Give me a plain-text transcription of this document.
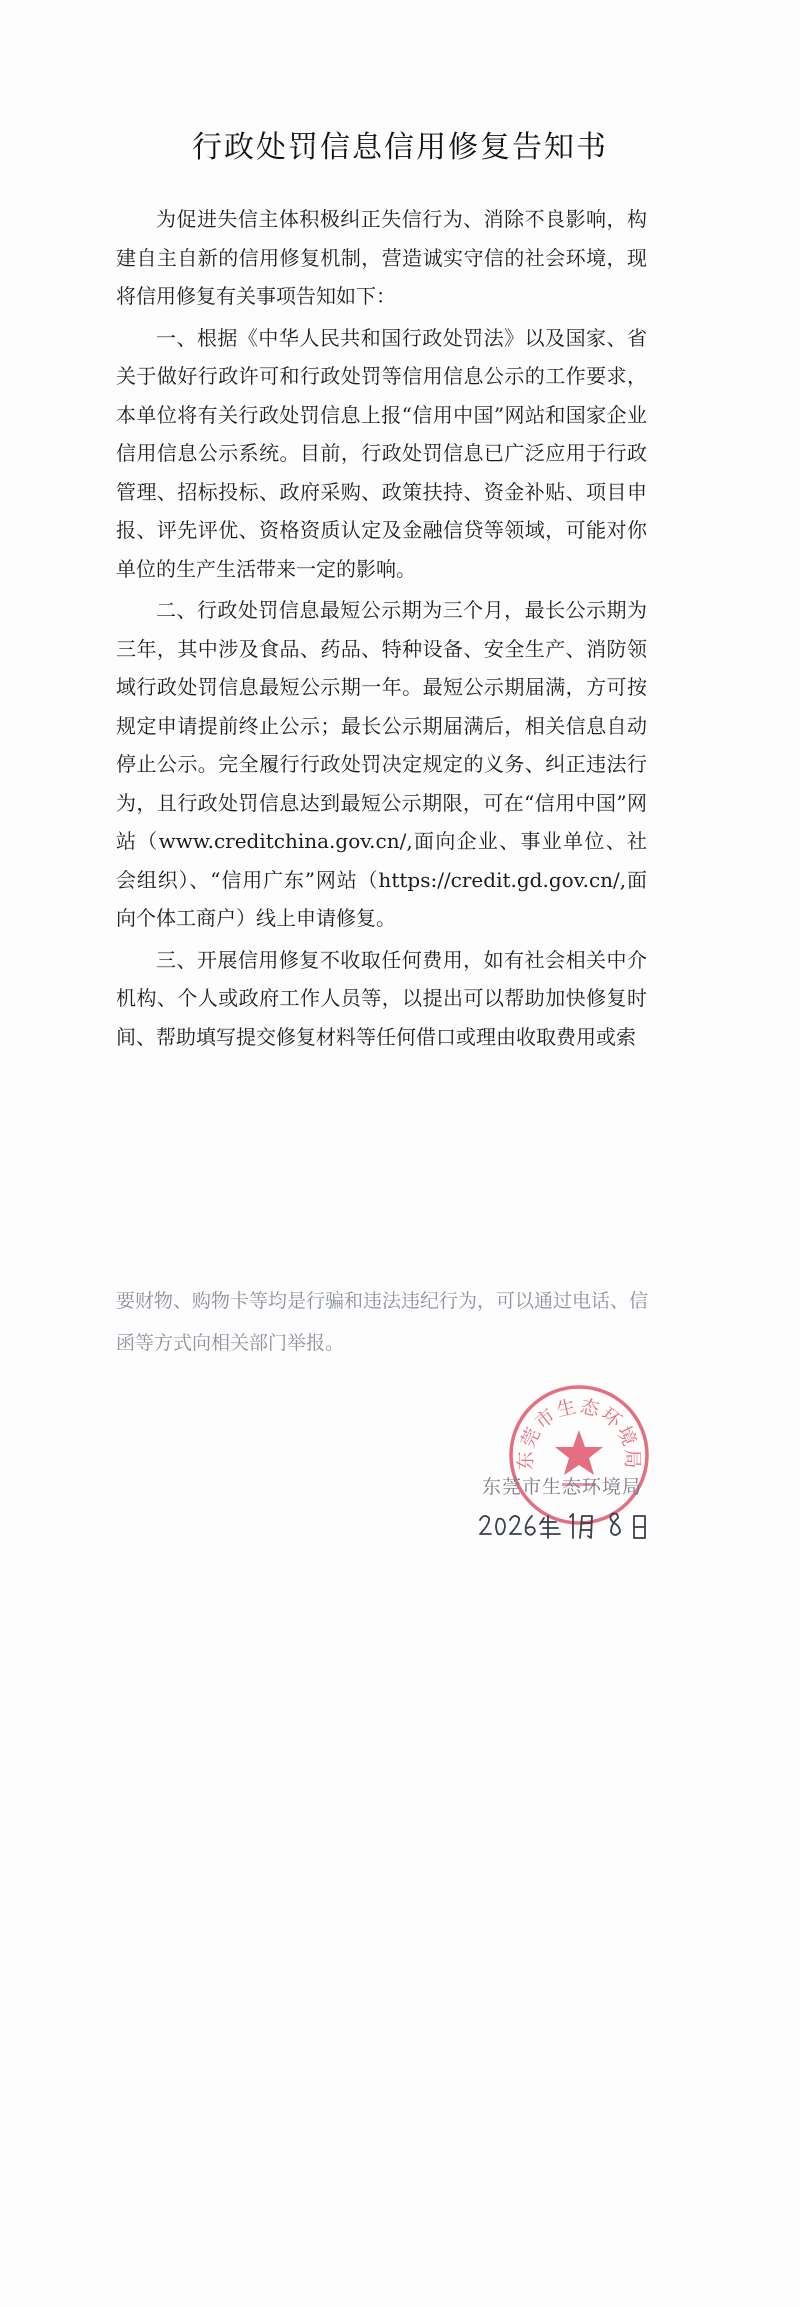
行政处罚信息信用修复告知书

为促进失信主体积极纠正失信行为、消除不良影响，构建自主自新的信用修复机制，营造诚实守信的社会环境，现将信用修复有关事项告知如下：

一、根据《中华人民共和国行政处罚法》以及国家、省关于做好行政许可和行政处罚等信用信息公示的工作要求，本单位将有关行政处罚信息上报“信用中国”网站和国家企业信用信息公示系统。目前，行政处罚信息已广泛应用于行政管理、招标投标、政府采购、政策扶持、资金补贴、项目申报、评先评优、资格资质认定及金融信贷等领域，可能对你单位的生产生活带来一定的影响。

二、行政处罚信息最短公示期为三个月，最长公示期为三年，其中涉及食品、药品、特种设备、安全生产、消防领域行政处罚信息最短公示期一年。最短公示期届满，方可按规定申请提前终止公示；最长公示期届满后，相关信息自动停止公示。完全履行行政处罚决定规定的义务、纠正违法行为，且行政处罚信息达到最短公示期限，可在“信用中国”网站（www.creditchina.gov.cn/,面向企业、事业单位、社会组织）、“信用广东”网站（https://credit.gd.gov.cn/,面向个体工商户）线上申请修复。

三、开展信用修复不收取任何费用，如有社会相关中介机构、个人或政府工作人员等，以提出可以帮助加快修复时间、帮助填写提交修复材料等任何借口或理由收取费用或索

要财物、购物卡等均是行骗和违法违纪行为，可以通过电话、信函等方式向相关部门举报。

东莞市生态环境局
东莞市生态环境局
